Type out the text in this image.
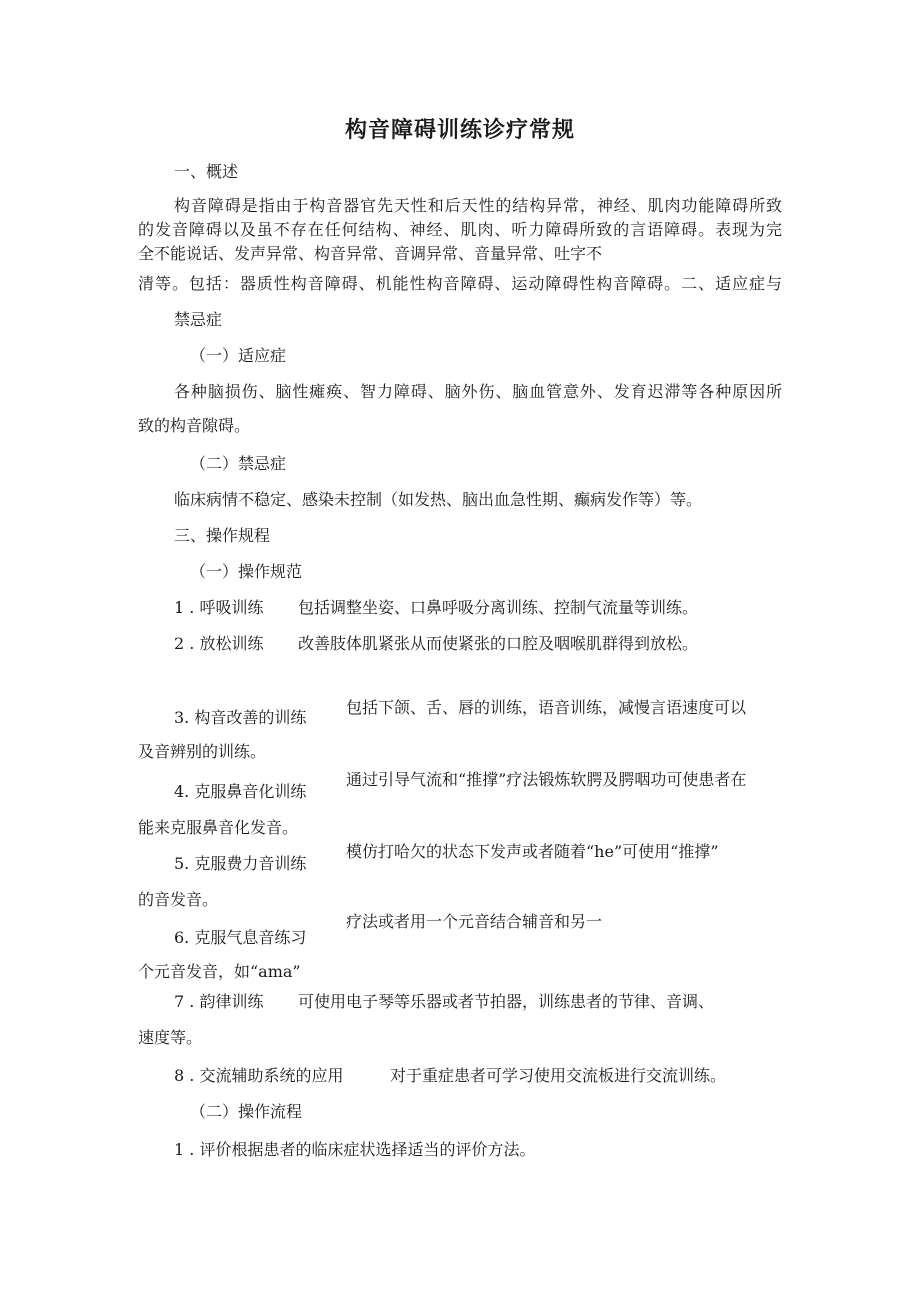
构音障碍训练诊疗常规

一、概述

构音障碍是指由于构音器官先天性和后天性的结构异常，神经、肌肉功能障碍所致

的发音障碍以及虽不存在任何结构、神经、肌肉、听力障碍所致的言语障碍。表现为完

全不能说话、发声异常、构音异常、音调异常、音量异常、吐字不

清等。包括：器质性构音障碍、机能性构音障碍、运动障碍性构音障碍。二、适应症与

禁忌症

（一）适应症

各种脑损伤、脑性瘫痪、智力障碍、脑外伤、脑血管意外、发育迟滞等各种原因所

致的构音隙碍。

（二）禁忌症

临床病情不稳定、感染未控制（如发热、脑出血急性期、癫病发作等）等。

三、操作规程

（一）操作规范

1 . 呼吸训练 包括调整坐姿、口鼻呼吸分离训练、控制气流量等训练。

2 . 放松训练 改善肢体肌紧张从而使紧张的口腔及咽喉肌群得到放松。

包括下颌、舌、唇的训练，语音训练，减慢言语速度可以

3. 构音改善的训练

及音辨别的训练。

通过引导气流和“推撑”疗法锻炼软腭及腭咽功可使患者在

4. 克服鼻音化训练

能来克服鼻音化发音。

模仿打哈欠的状态下发声或者随着“he”可使用“推撑”

5. 克服费力音训练

的音发音。

疗法或者用一个元音结合辅音和另一

6. 克服气息音练习

个元音发音，如“ama”

7 . 韵律训练 可使用电子琴等乐器或者节拍器，训练患者的节律、音调、

速度等。

8 . 交流辅助系统的应用	对于重症患者可学习使用交流板进行交流训练。

（二）操作流程

1 . 评价根据患者的临床症状选择适当的评价方法。
